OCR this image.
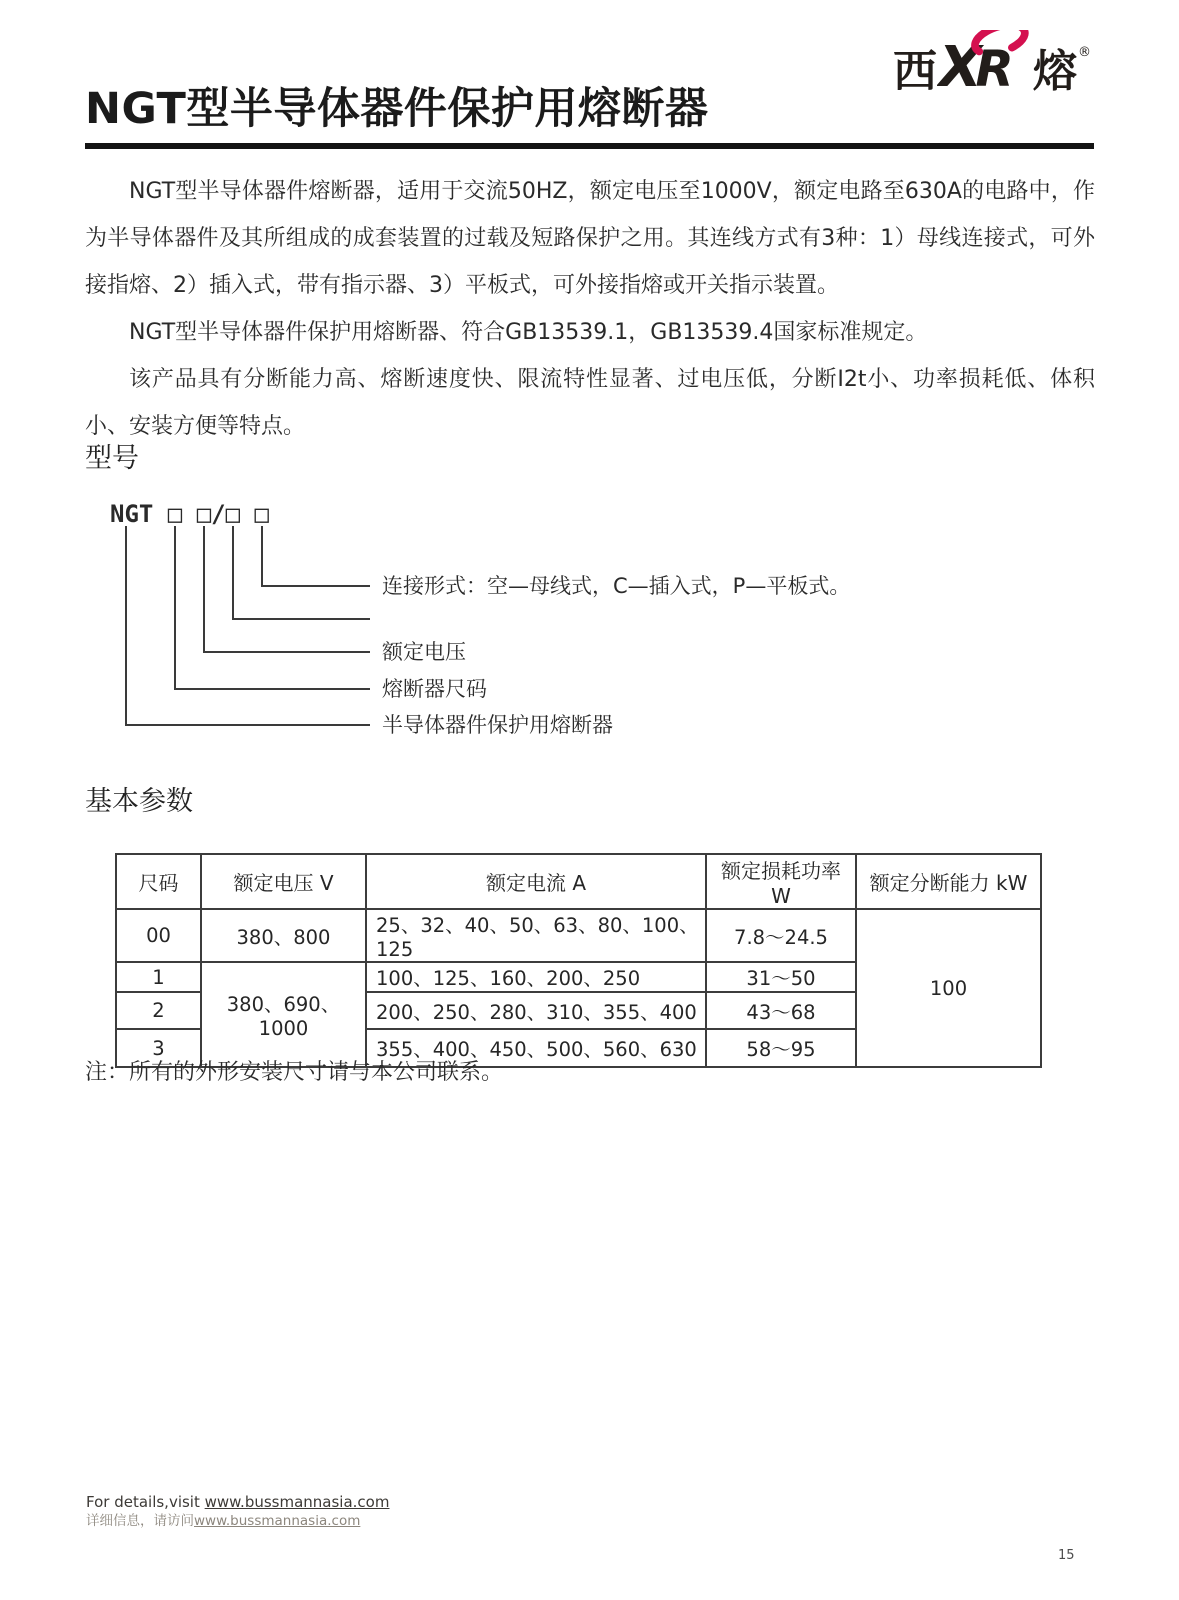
西 X
R 熔 ®
NGT型半导体器件保护用熔断器

NGT型半导体器件熔断器，适用于交流50HZ，额定电压至1000V，额定电路至630A的电路中，作为半导体器件及其所组成的成套装置的过载及短路保护之用。其连线方式有3种：1）母线连接式，可外接指熔、2）插入式，带有指示器、3）平板式，可外接指熔或开关指示装置。

NGT型半导体器件保护用熔断器、符合GB13539.1，GB13539.4国家标准规定。

该产品具有分断能力高、熔断速度快、限流特性显著、过电压低，分断I2t小、功率损耗低、体积小、安装方便等特点。

型号
NGT □ □/□ □
连接形式：空—母线式，C—插入式，P—平板式。
额定电压
熔断器尺码
半导体器件保护用熔断器
基本参数
尺码	额定电压 V	额定电流 A	额定损耗功率 W	额定分断能力 kW
00	380、800	25、32、40、50、63、80、100、125	7.8～24.5	100
1	380、690、1000	100、125、160、200、250	31～50	
2		200、250、280、310、355、400	43～68	
3		355、400、450、500、560、630	58～95	

注：所有的外形安装尺寸请与本公司联系。

For details,visit www.bussmannasia.com
详细信息，请访问www.bussmannasia.com
15
